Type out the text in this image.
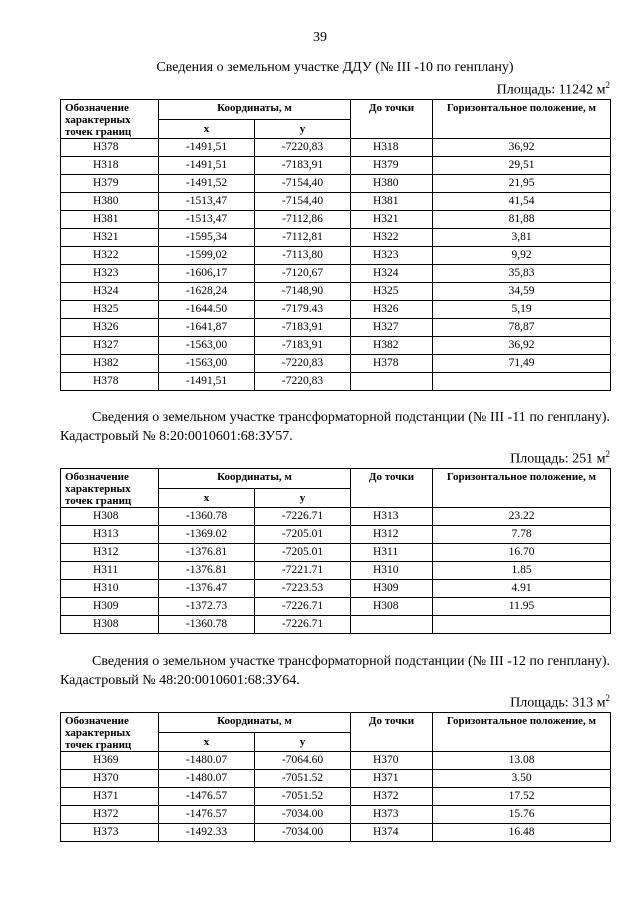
39
Сведения о земельном участке ДДУ (№ III -10 по генплану)
Площадь: 11242 $м^2$
Обозначение характерных точек границ	Координаты, м		До точки	Горизонтальное положение, м
	x	y		
Н378	-1491,51	-7220,83	Н318	36,92
Н318	-1491,51	-7183,91	Н379	29,51
Н379	-1491,52	-7154,40	Н380	21,95
Н380	-1513,47	-7154,40	Н381	41,54
Н381	-1513,47	-7112,86	Н321	81,88
Н321	-1595,34	-7112,81	Н322	3,81
Н322	-1599,02	-7113,80	Н323	9,92
Н323	-1606,17	-7120,67	Н324	35,83
Н324	-1628,24	-7148,90	Н325	34,59
Н325	-1644.50	-7179.43	Н326	5,19
Н326	-1641,87	-7183,91	Н327	78,87
Н327	-1563,00	-7183,91	Н382	36,92
Н382	-1563,00	-7220,83	Н378	71,49
Н378	-1491,51	-7220,83		
Сведения о земельном участке трансформаторной подстанции (№ III -11 по генплану). Кадастровый № 8:20:0010601:68:ЗУ57.
Площадь: 251 $м^2$
Обозначение характерных точек границ	Координаты, м		До точки	Горизонтальное положение, м
	x	y		
Н308	-1360.78	-7226.71	Н313	23.22
Н313	-1369.02	-7205.01	Н312	7.78
Н312	-1376.81	-7205.01	Н311	16.70
Н311	-1376.81	-7221.71	Н310	1.85
Н310	-1376.47	-7223.53	Н309	4.91
Н309	-1372.73	-7226.71	Н308	11.95
Н308	-1360.78	-7226.71		
Сведения о земельном участке трансформаторной подстанции (№ III -12 по генплану). Кадастровый № 48:20:0010601:68:ЗУ64.
Площадь: 313 $м^2$
Обозначение характерных точек границ	Координаты, м		До точки	Горизонтальное положение, м
	x	y		
Н369	-1480.07	-7064.60	Н370	13.08
Н370	-1480.07	-7051.52	Н371	3.50
Н371	-1476.57	-7051.52	Н372	17.52
Н372	-1476.57	-7034.00	Н373	15.76
Н373	-1492.33	-7034.00	Н374	16.48
